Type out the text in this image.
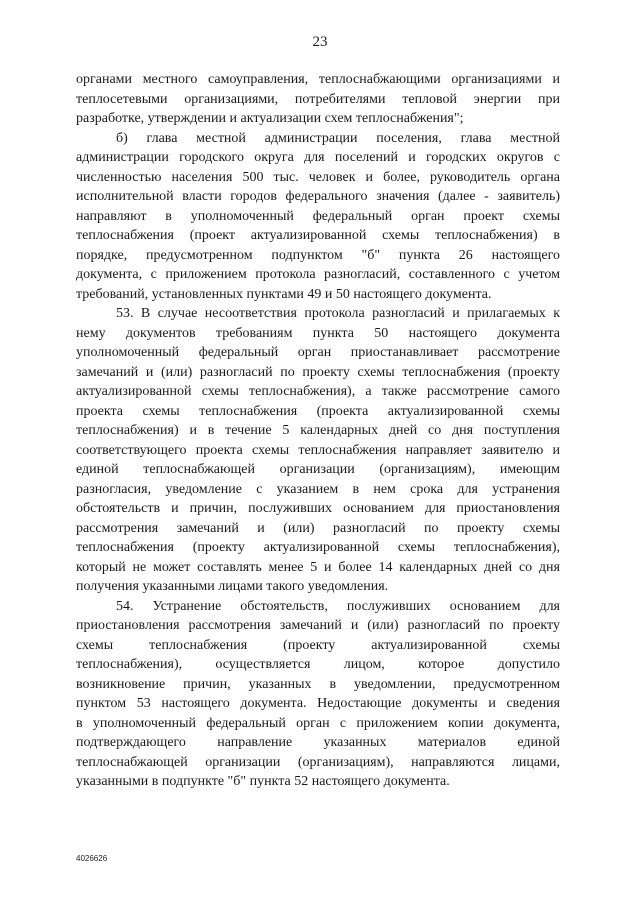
23
органами местного самоуправления, теплоснабжающими организациями и
теплосетевыми организациями, потребителями тепловой энергии при
разработке, утверждении и актуализации схем теплоснабжения";
б) глава местной администрации поселения, глава местной
администрации городского округа для поселений и городских округов с
численностью населения 500 тыс. человек и более, руководитель органа
исполнительной власти городов федерального значения (далее - заявитель)
направляют в уполномоченный федеральный орган проект схемы
теплоснабжения (проект актуализированной схемы теплоснабжения) в
порядке, предусмотренном подпунктом "б" пункта 26 настоящего
документа, с приложением протокола разногласий, составленного с учетом
требований, установленных пунктами 49 и 50 настоящего документа.
53. В случае несоответствия протокола разногласий и прилагаемых к
нему документов требованиям пункта 50 настоящего документа
уполномоченный федеральный орган приостанавливает рассмотрение
замечаний и (или) разногласий по проекту схемы теплоснабжения (проекту
актуализированной схемы теплоснабжения), а также рассмотрение самого
проекта схемы теплоснабжения (проекта актуализированной схемы
теплоснабжения) и в течение 5 календарных дней со дня поступления
соответствующего проекта схемы теплоснабжения направляет заявителю и
единой теплоснабжающей организации (организациям), имеющим
разногласия, уведомление с указанием в нем срока для устранения
обстоятельств и причин, послуживших основанием для приостановления
рассмотрения замечаний и (или) разногласий по проекту схемы
теплоснабжения (проекту актуализированной схемы теплоснабжения),
который не может составлять менее 5 и более 14 календарных дней со дня
получения указанными лицами такого уведомления.
54. Устранение обстоятельств, послуживших основанием для
приостановления рассмотрения замечаний и (или) разногласий по проекту
схемы теплоснабжения (проекту актуализированной схемы
теплоснабжения), осуществляется лицом, которое допустило
возникновение причин, указанных в уведомлении, предусмотренном
пунктом 53 настоящего документа. Недостающие документы и сведения
в уполномоченный федеральный орган с приложением копии документа,
подтверждающего направление указанных материалов единой
теплоснабжающей организации (организациям), направляются лицами,
указанными в подпункте "б" пункта 52 настоящего документа.
4026626
